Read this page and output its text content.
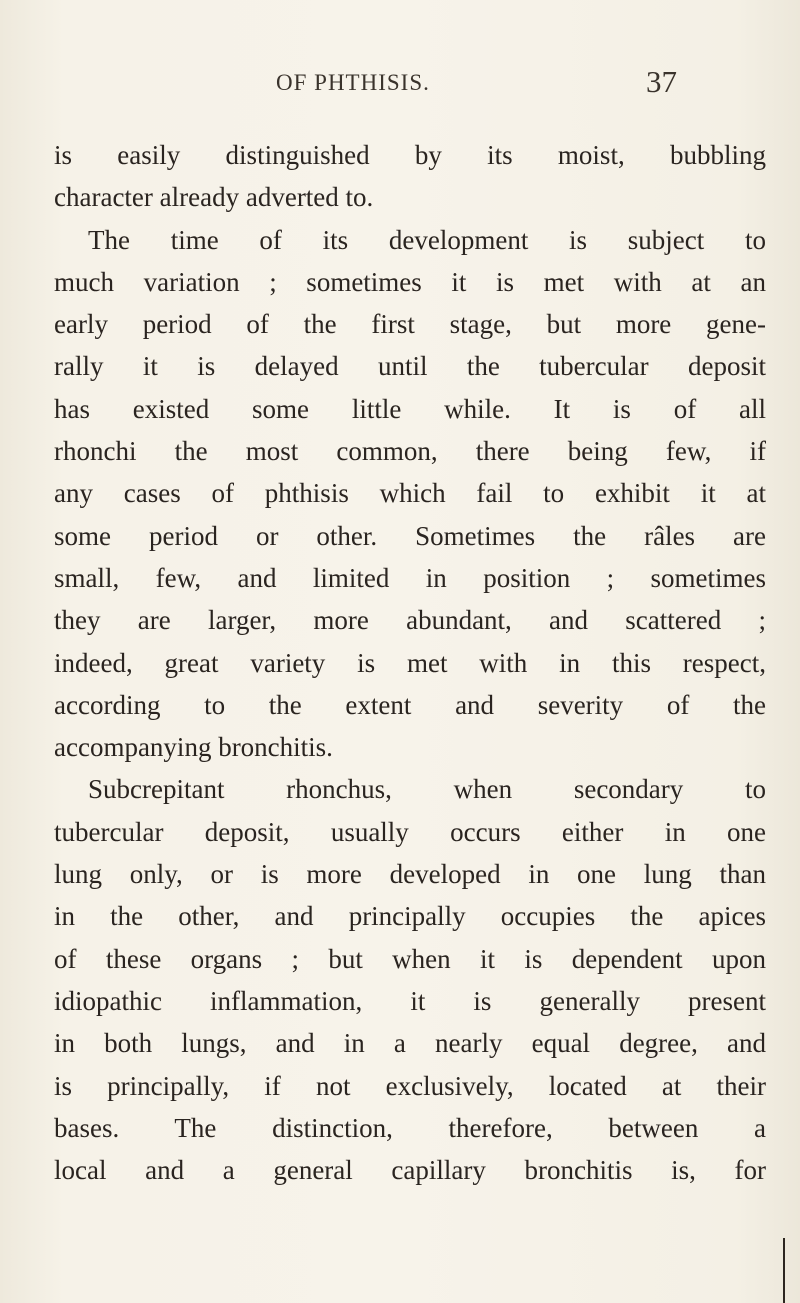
OF PHTHISIS.	37
is easily distinguished by its moist, bubbling
character already adverted to.
The time of its development is subject to
much variation ; sometimes it is met with at an
early period of the first stage, but more gene-
rally it is delayed until the tubercular deposit
has existed some little while. It is of all
rhonchi the most common, there being few, if
any cases of phthisis which fail to exhibit it at
some period or other. Sometimes the râles are
small, few, and limited in position ; sometimes
they are larger, more abundant, and scattered ;
indeed, great variety is met with in this respect,
according to the extent and severity of the
accompanying bronchitis.
Subcrepitant rhonchus, when secondary to
tubercular deposit, usually occurs either in one
lung only, or is more developed in one lung than
in the other, and principally occupies the apices
of these organs ; but when it is dependent upon
idiopathic inflammation, it is generally present
in both lungs, and in a nearly equal degree, and
is principally, if not exclusively, located at their
bases. The distinction, therefore, between a
local and a general capillary bronchitis is, for
